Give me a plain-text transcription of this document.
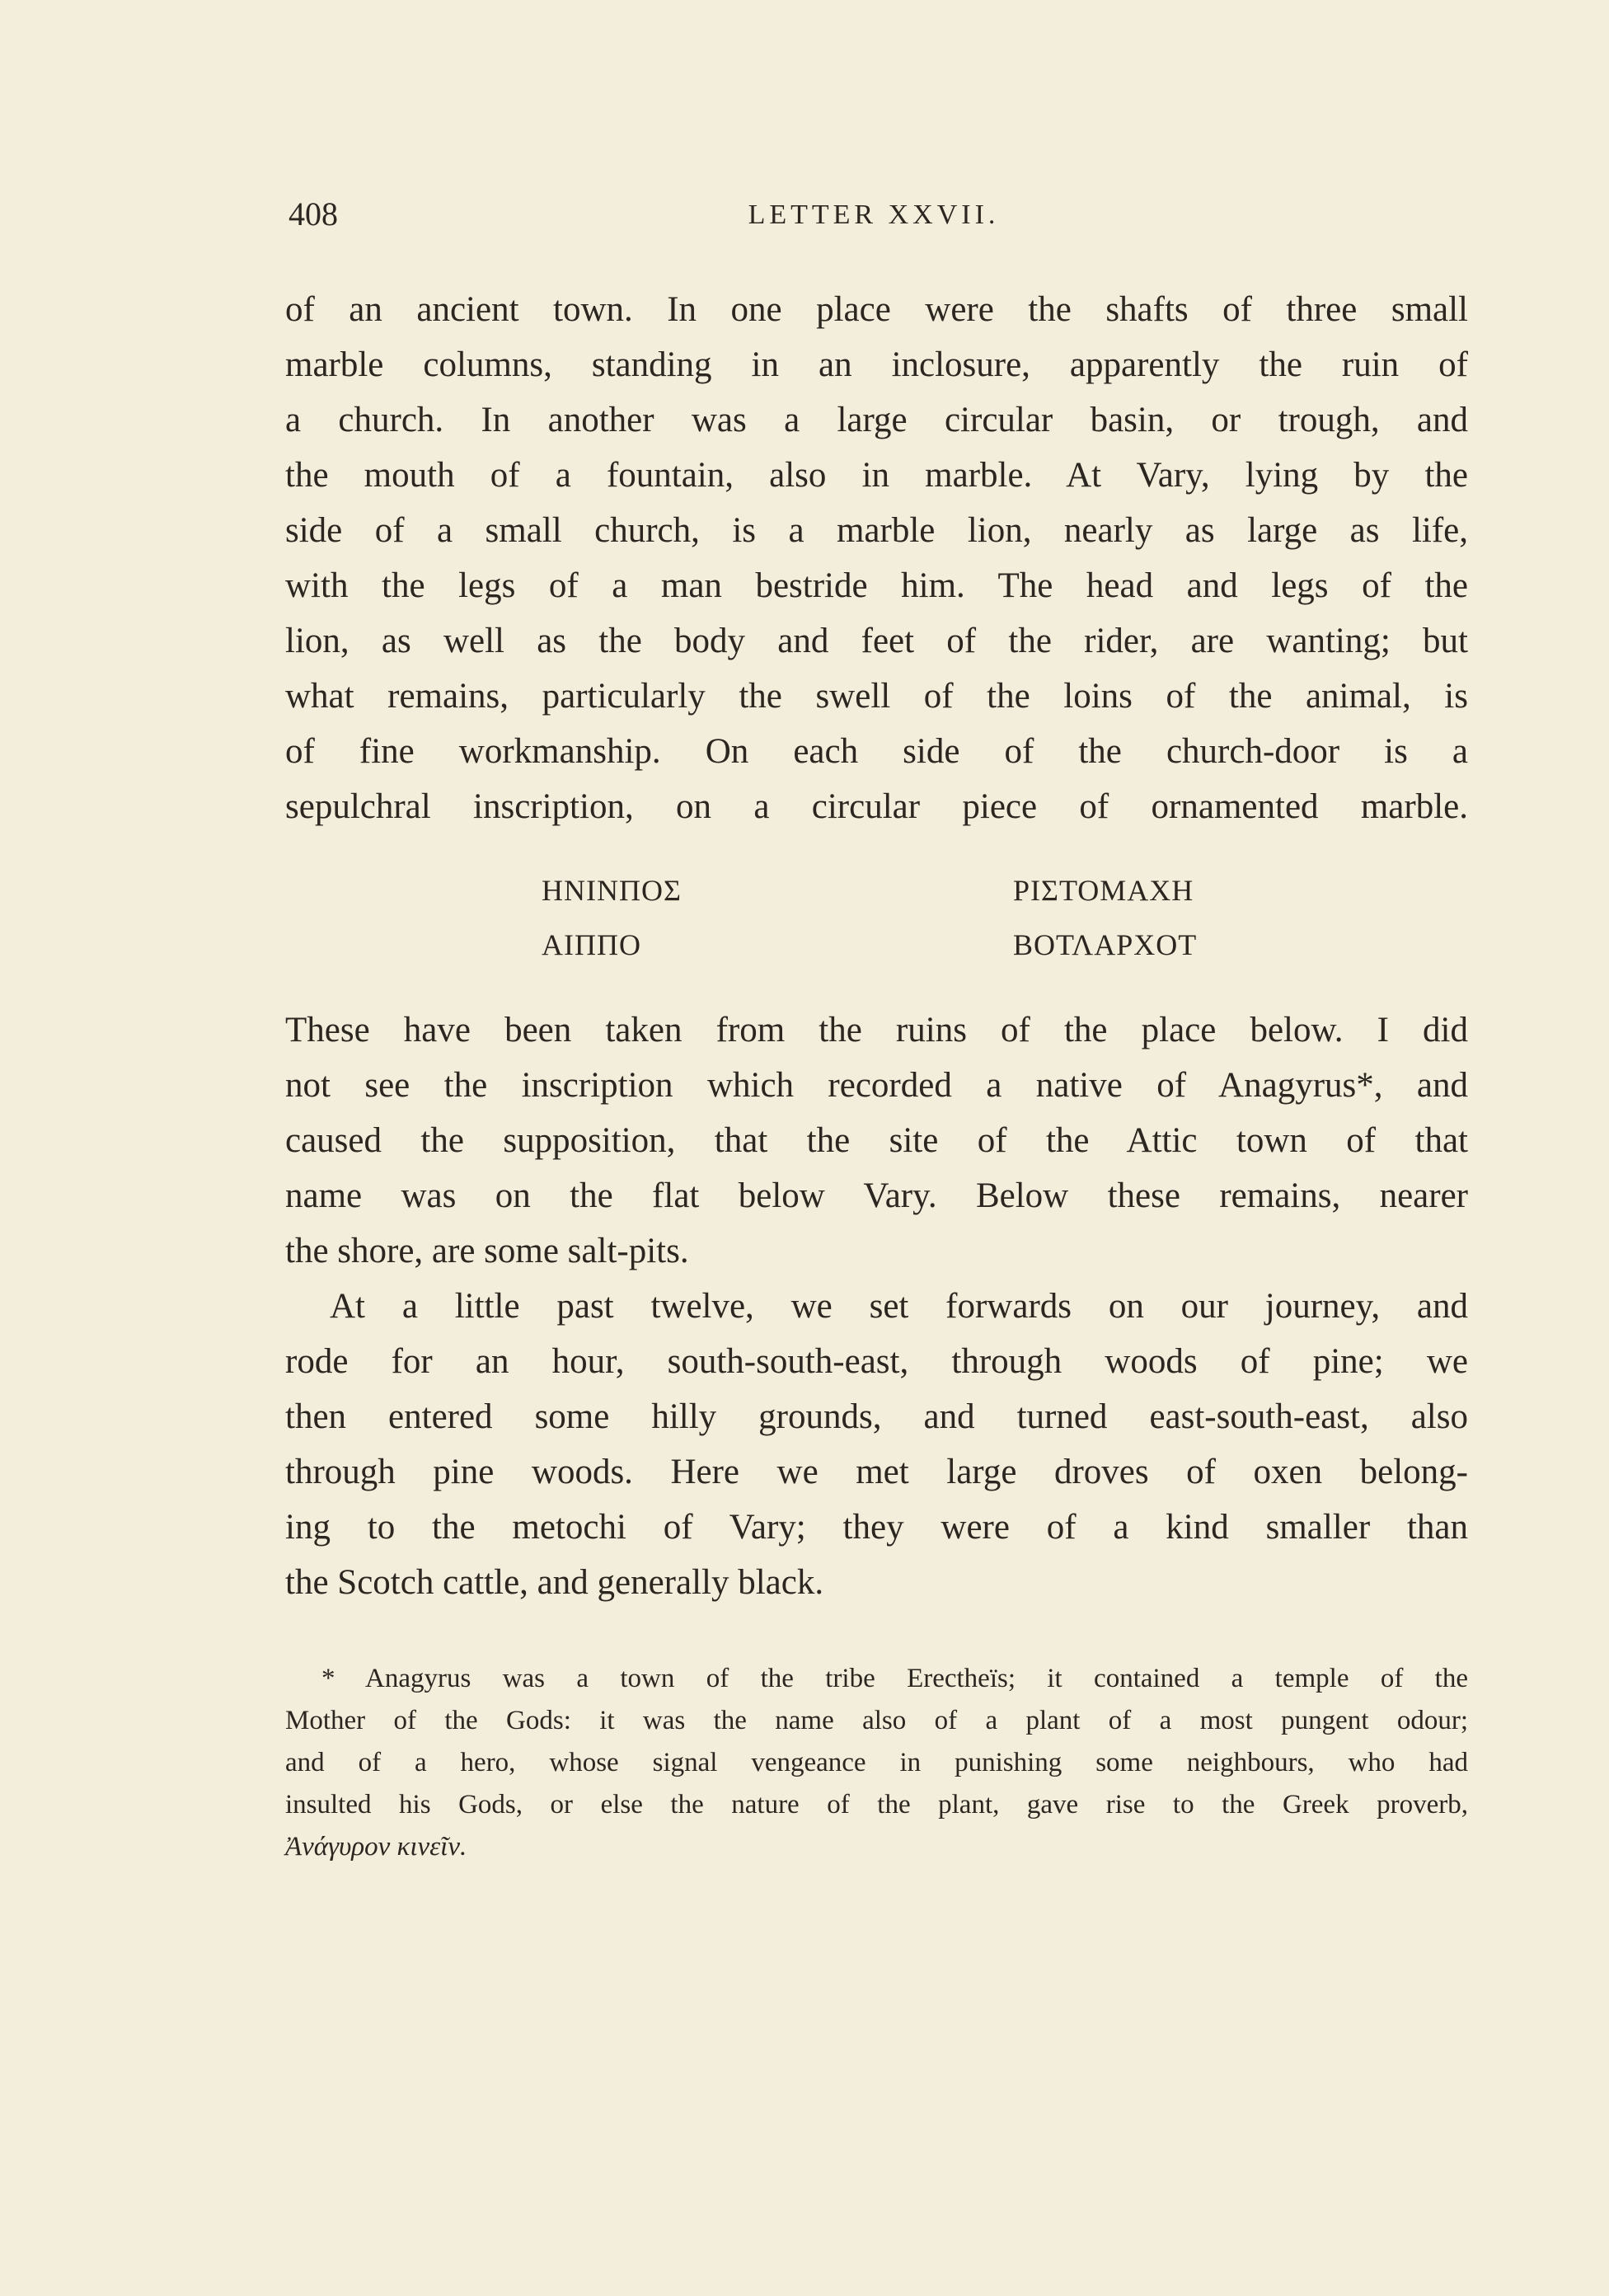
408	LETTER XXVII.
of an ancient town. In one place were the shafts of three small
marble columns, standing in an inclosure, apparently the ruin of
a church. In another was a large circular basin, or trough, and
the mouth of a fountain, also in marble. At Vary, lying by the
side of a small church, is a marble lion, nearly as large as life,
with the legs of a man bestride him. The head and legs of the
lion, as well as the body and feet of the rider, are wanting; but
what remains, particularly the swell of the loins of the animal, is
of fine workmanship. On each side of the church-door is a
sepulchral inscription, on a circular piece of ornamented marble.
These have been taken from the ruins of the place below. I did
not see the inscription which recorded a native of Anagyrus*, and
caused the supposition, that the site of the Attic town of that
name was on the flat below Vary. Below these remains, nearer
the shore, are some salt-pits.
At a little past twelve, we set forwards on our journey, and
rode for an hour, south-south-east, through woods of pine; we
then entered some hilly grounds, and turned east-south-east, also
through pine woods. Here we met large droves of oxen belong-
ing to the metochi of Vary; they were of a kind smaller than
the Scotch cattle, and generally black.
* Anagyrus was a town of the tribe Erectheïs; it contained a temple of the
Mother of the Gods: it was the name also of a plant of a most pungent odour;
and of a hero, whose signal vengeance in punishing some neighbours, who had
insulted his Gods, or else the nature of the plant, gave rise to the Greek proverb,
Ἀνάγυρον κινεῖν.
ΗΝΙΝΠΟΣ
ΑΙΠΠΟ
ΡΙΣΤΟΜΑΧΗ
ΒΟΤΛΑΡΧΟΤ
